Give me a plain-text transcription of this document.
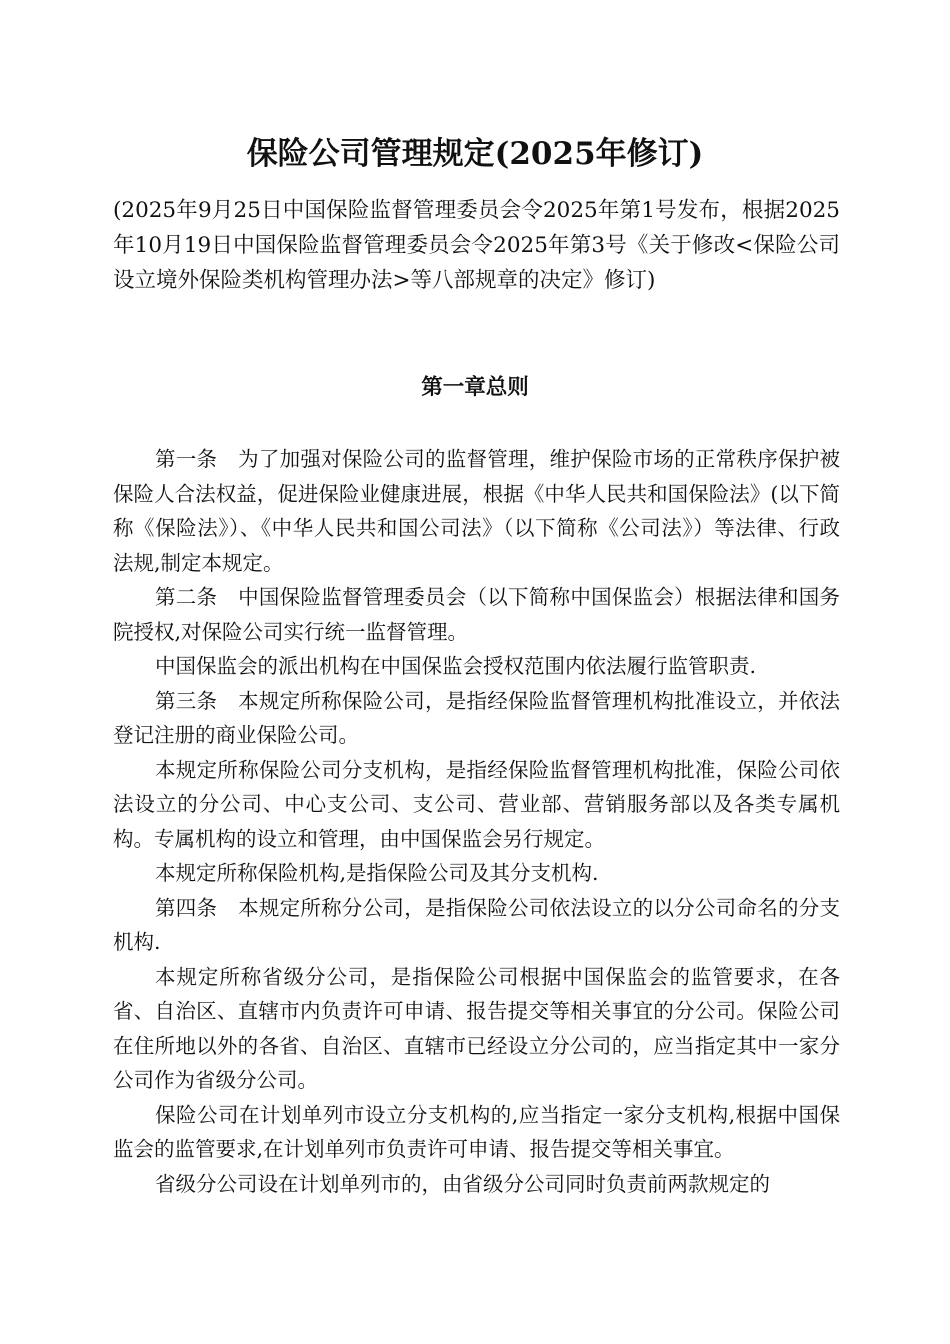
保险公司管理规定(2025年修订)

(2025年9月25日中国保险监督管理委员会令2025年第1号发布，根据2025年10月19日中国保险监督管理委员会令2025年第3号《关于修改<保险公司设立境外保险类机构管理办法>等八部规章的决定》修订)

第一章总则

第一条　为了加强对保险公司的监督管理，维护保险市场的正常秩序保护被保险人合法权益，促进保险业健康进展，根据《中华人民共和国保险法》(以下简称《保险法》）、《中华人民共和国公司法》（以下简称《公司法》）等法律、行政法规,制定本规定。

第二条　中国保险监督管理委员会（以下简称中国保监会）根据法律和国务院授权,对保险公司实行统一监督管理。

中国保监会的派出机构在中国保监会授权范围内依法履行监管职责.

第三条　本规定所称保险公司，是指经保险监督管理机构批准设立，并依法登记注册的商业保险公司。

本规定所称保险公司分支机构，是指经保险监督管理机构批准，保险公司依法设立的分公司、中心支公司、支公司、营业部、营销服务部以及各类专属机构。专属机构的设立和管理，由中国保监会另行规定。

本规定所称保险机构,是指保险公司及其分支机构.

第四条　本规定所称分公司，是指保险公司依法设立的以分公司命名的分支机构.

本规定所称省级分公司，是指保险公司根据中国保监会的监管要求，在各省、自治区、直辖市内负责许可申请、报告提交等相关事宜的分公司。保险公司在住所地以外的各省、自治区、直辖市已经设立分公司的，应当指定其中一家分公司作为省级分公司。

保险公司在计划单列市设立分支机构的,应当指定一家分支机构,根据中国保监会的监管要求,在计划单列市负责许可申请、报告提交等相关事宜。

省级分公司设在计划单列市的，由省级分公司同时负责前两款规定的
